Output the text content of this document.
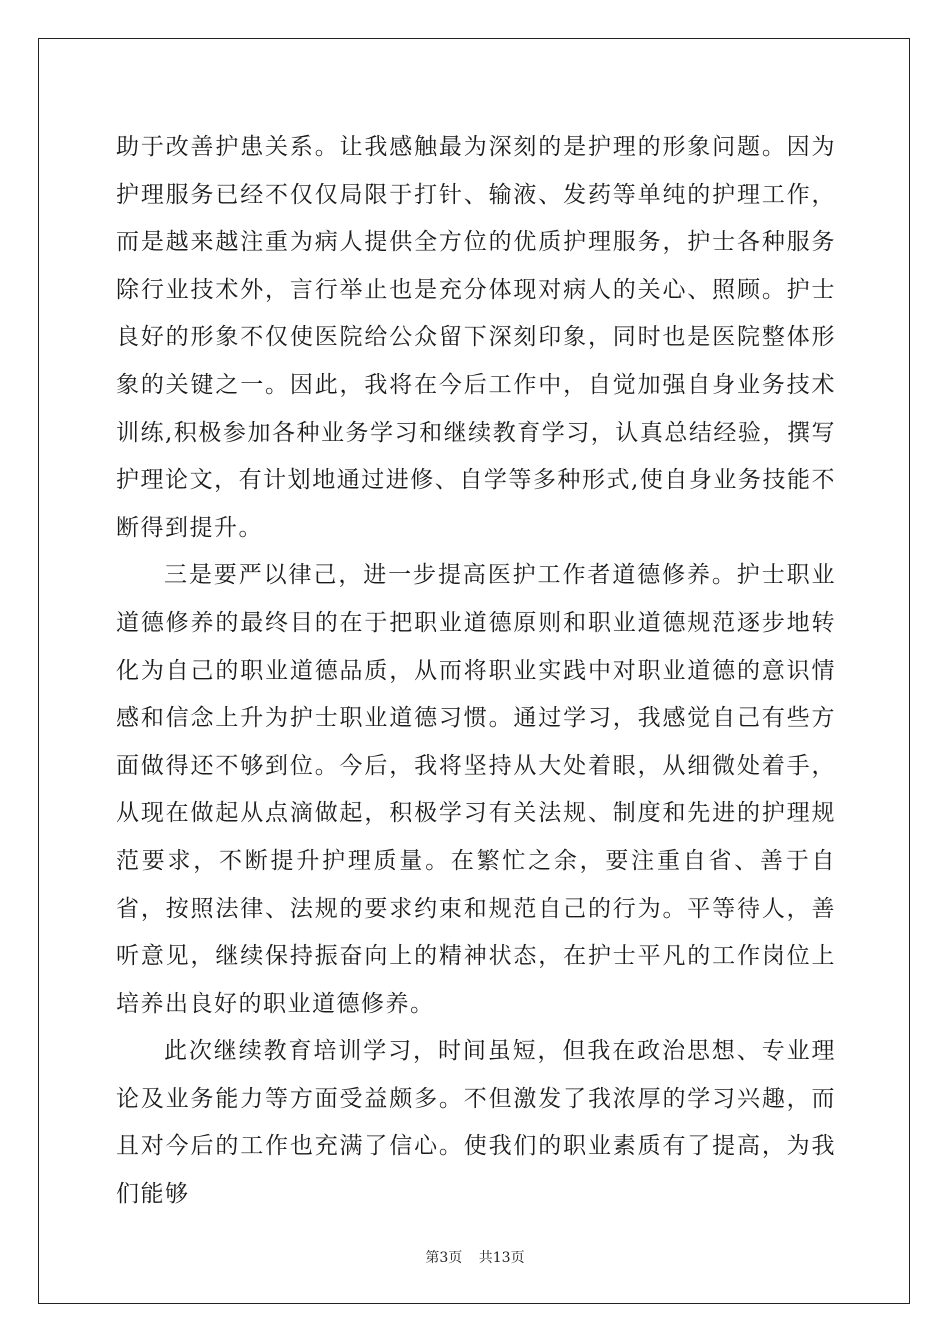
助于改善护患关系。让我感触最为深刻的是护理的形象问题。因为护理服务已经不仅仅局限于打针、输液、发药等单纯的护理工作，而是越来越注重为病人提供全方位的优质护理服务，护士各种服务除行业技术外，言行举止也是充分体现对病人的关心、照顾。护士良好的形象不仅使医院给公众留下深刻印象，同时也是医院整体形象的关键之一。因此，我将在今后工作中，自觉加强自身业务技术训练,积极参加各种业务学习和继续教育学习，认真总结经验，撰写护理论文，有计划地通过进修、自学等多种形式,使自身业务技能不断得到提升。

三是要严以律己，进一步提高医护工作者道德修养。护士职业道德修养的最终目的在于把职业道德原则和职业道德规范逐步地转化为自己的职业道德品质，从而将职业实践中对职业道德的意识情感和信念上升为护士职业道德习惯。通过学习，我感觉自己有些方面做得还不够到位。今后，我将坚持从大处着眼，从细微处着手，从现在做起从点滴做起，积极学习有关法规、制度和先进的护理规范要求，不断提升护理质量。在繁忙之余，要注重自省、善于自省，按照法律、法规的要求约束和规范自己的行为。平等待人，善听意见，继续保持振奋向上的精神状态，在护士平凡的工作岗位上培养出良好的职业道德修养。

此次继续教育培训学习，时间虽短，但我在政治思想、专业理论及业务能力等方面受益颇多。不但激发了我浓厚的学习兴趣，而且对今后的工作也充满了信心。使我们的职业素质有了提高，为我们能够

第3页 共13页
